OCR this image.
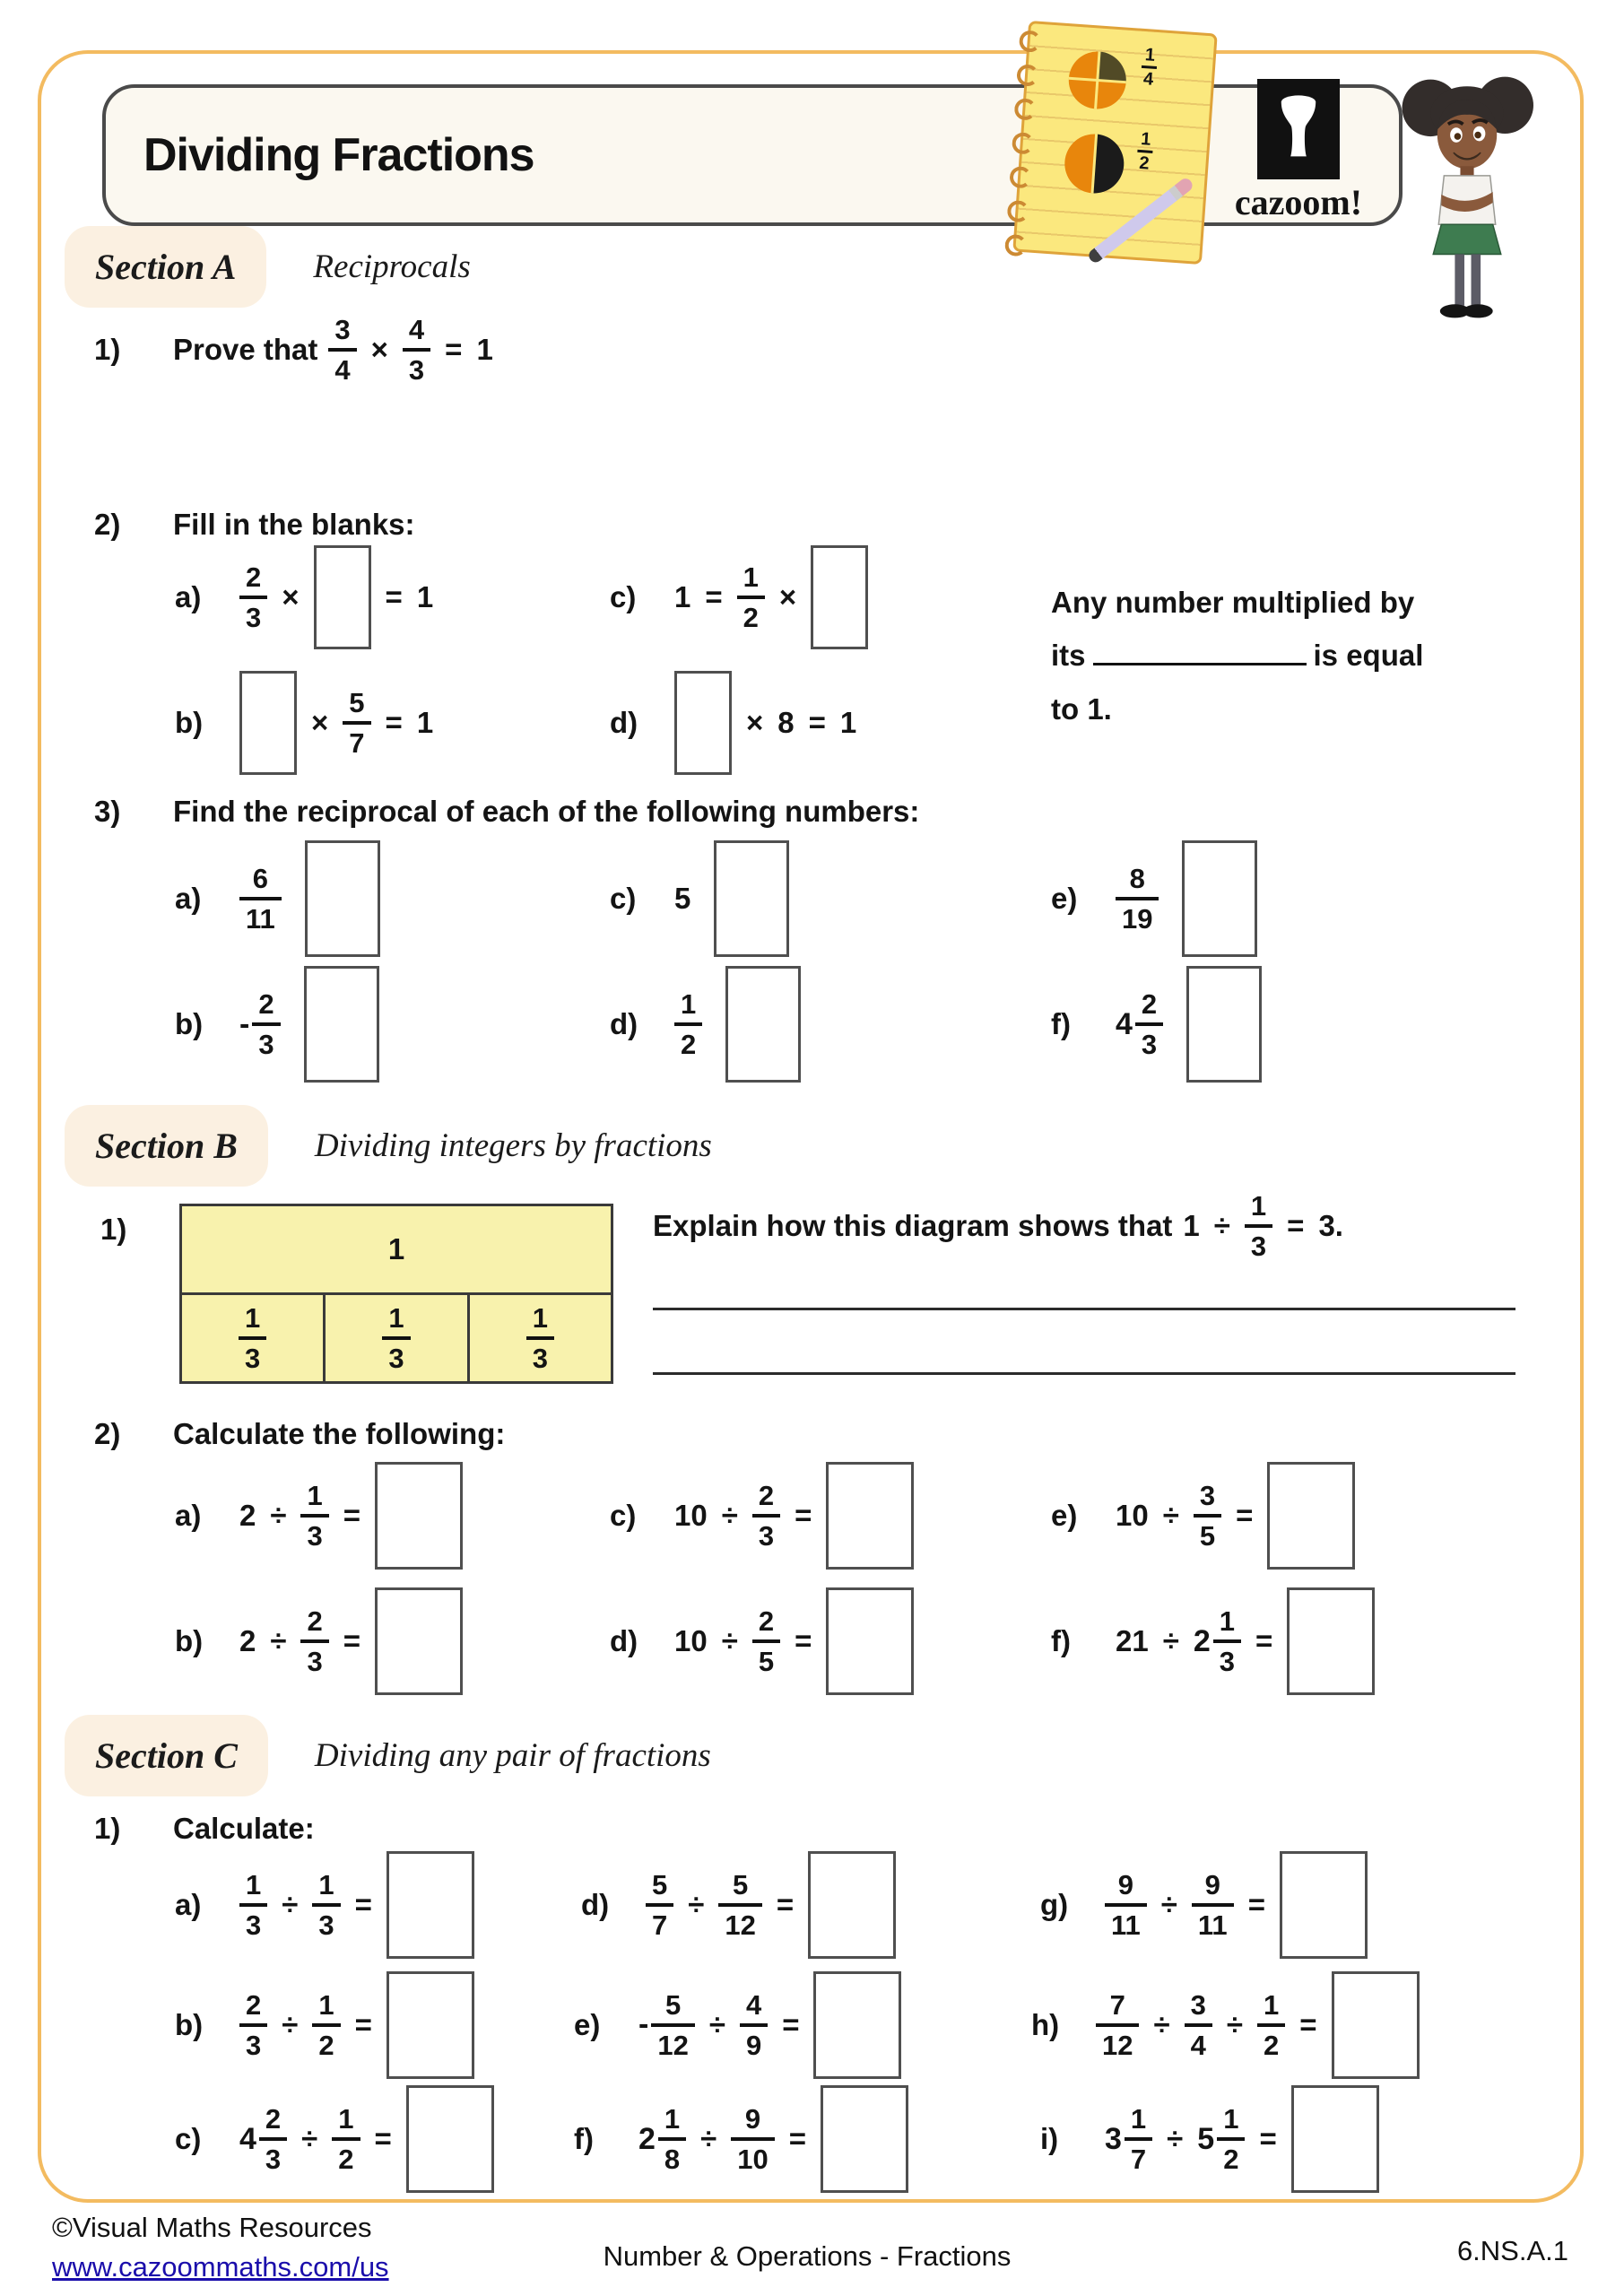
Dividing Fractions
$\frac{1}{4}$
$\frac{1}{2}$
cazoom!
Section A	Reciprocals
1)	Prove that $\frac{3}{4} \times \frac{4}{3} = 1$
2)	Fill in the blanks:
a)	$\frac{2}{3}$ ×	= 1	c)	$1 = \frac{1}{2}$ ×
b)	× $\frac{5}{7} = 1$	d)	× 8 = 1
Any number multiplied by
its	is equal
to 1.
3)	Find the reciprocal of each of the following numbers:
a)	$\frac{6}{11}$	c)	5	e)	$\frac{8}{19}$
b)	- $\frac{2}{3}$	d)	$\frac{1}{2}$	f)	$4 \frac{2}{3}$
Section B	Dividing integers by fractions
1)
1
$\frac{1}{3}$	$\frac{1}{3}$	$\frac{1}{3}$
Explain how this diagram shows that $1 \div \frac{1}{3} = 3$.
2)	Calculate the following:
a)	$2 \div \frac{1}{3}$ =	c)	$10 \div \frac{2}{3}$ =	e)	$10 \div \frac{3}{5}$ =
b)	$2 \div \frac{2}{3}$ =	d)	$10 \div \frac{2}{5}$ =	f)	$21 \div 2 \frac{1}{3}$ =
Section C	Dividing any pair of fractions
1)	Calculate:
a)	$\frac{1}{3} \div \frac{1}{3}$ =	d)	$\frac{5}{7} \div \frac{5}{12}$ =	g)	$\frac{9}{11} \div \frac{9}{11}$ =
b)	$\frac{2}{3} \div \frac{1}{2}$ =	e)	- $\frac{5}{12} \div \frac{4}{9}$ =	h)	$\frac{7}{12} \div \frac{3}{4} \div \frac{1}{2}$ =
c)	$4 \frac{2}{3} \div \frac{1}{2}$ =	f)	$2 \frac{1}{8} \div \frac{9}{10}$ =	i)	$3 \frac{1}{7} \div 5 \frac{1}{2}$ =
©Visual Maths Resources
www.cazoommaths.com/us	Number & Operations - Fractions	6.NS.A.1
